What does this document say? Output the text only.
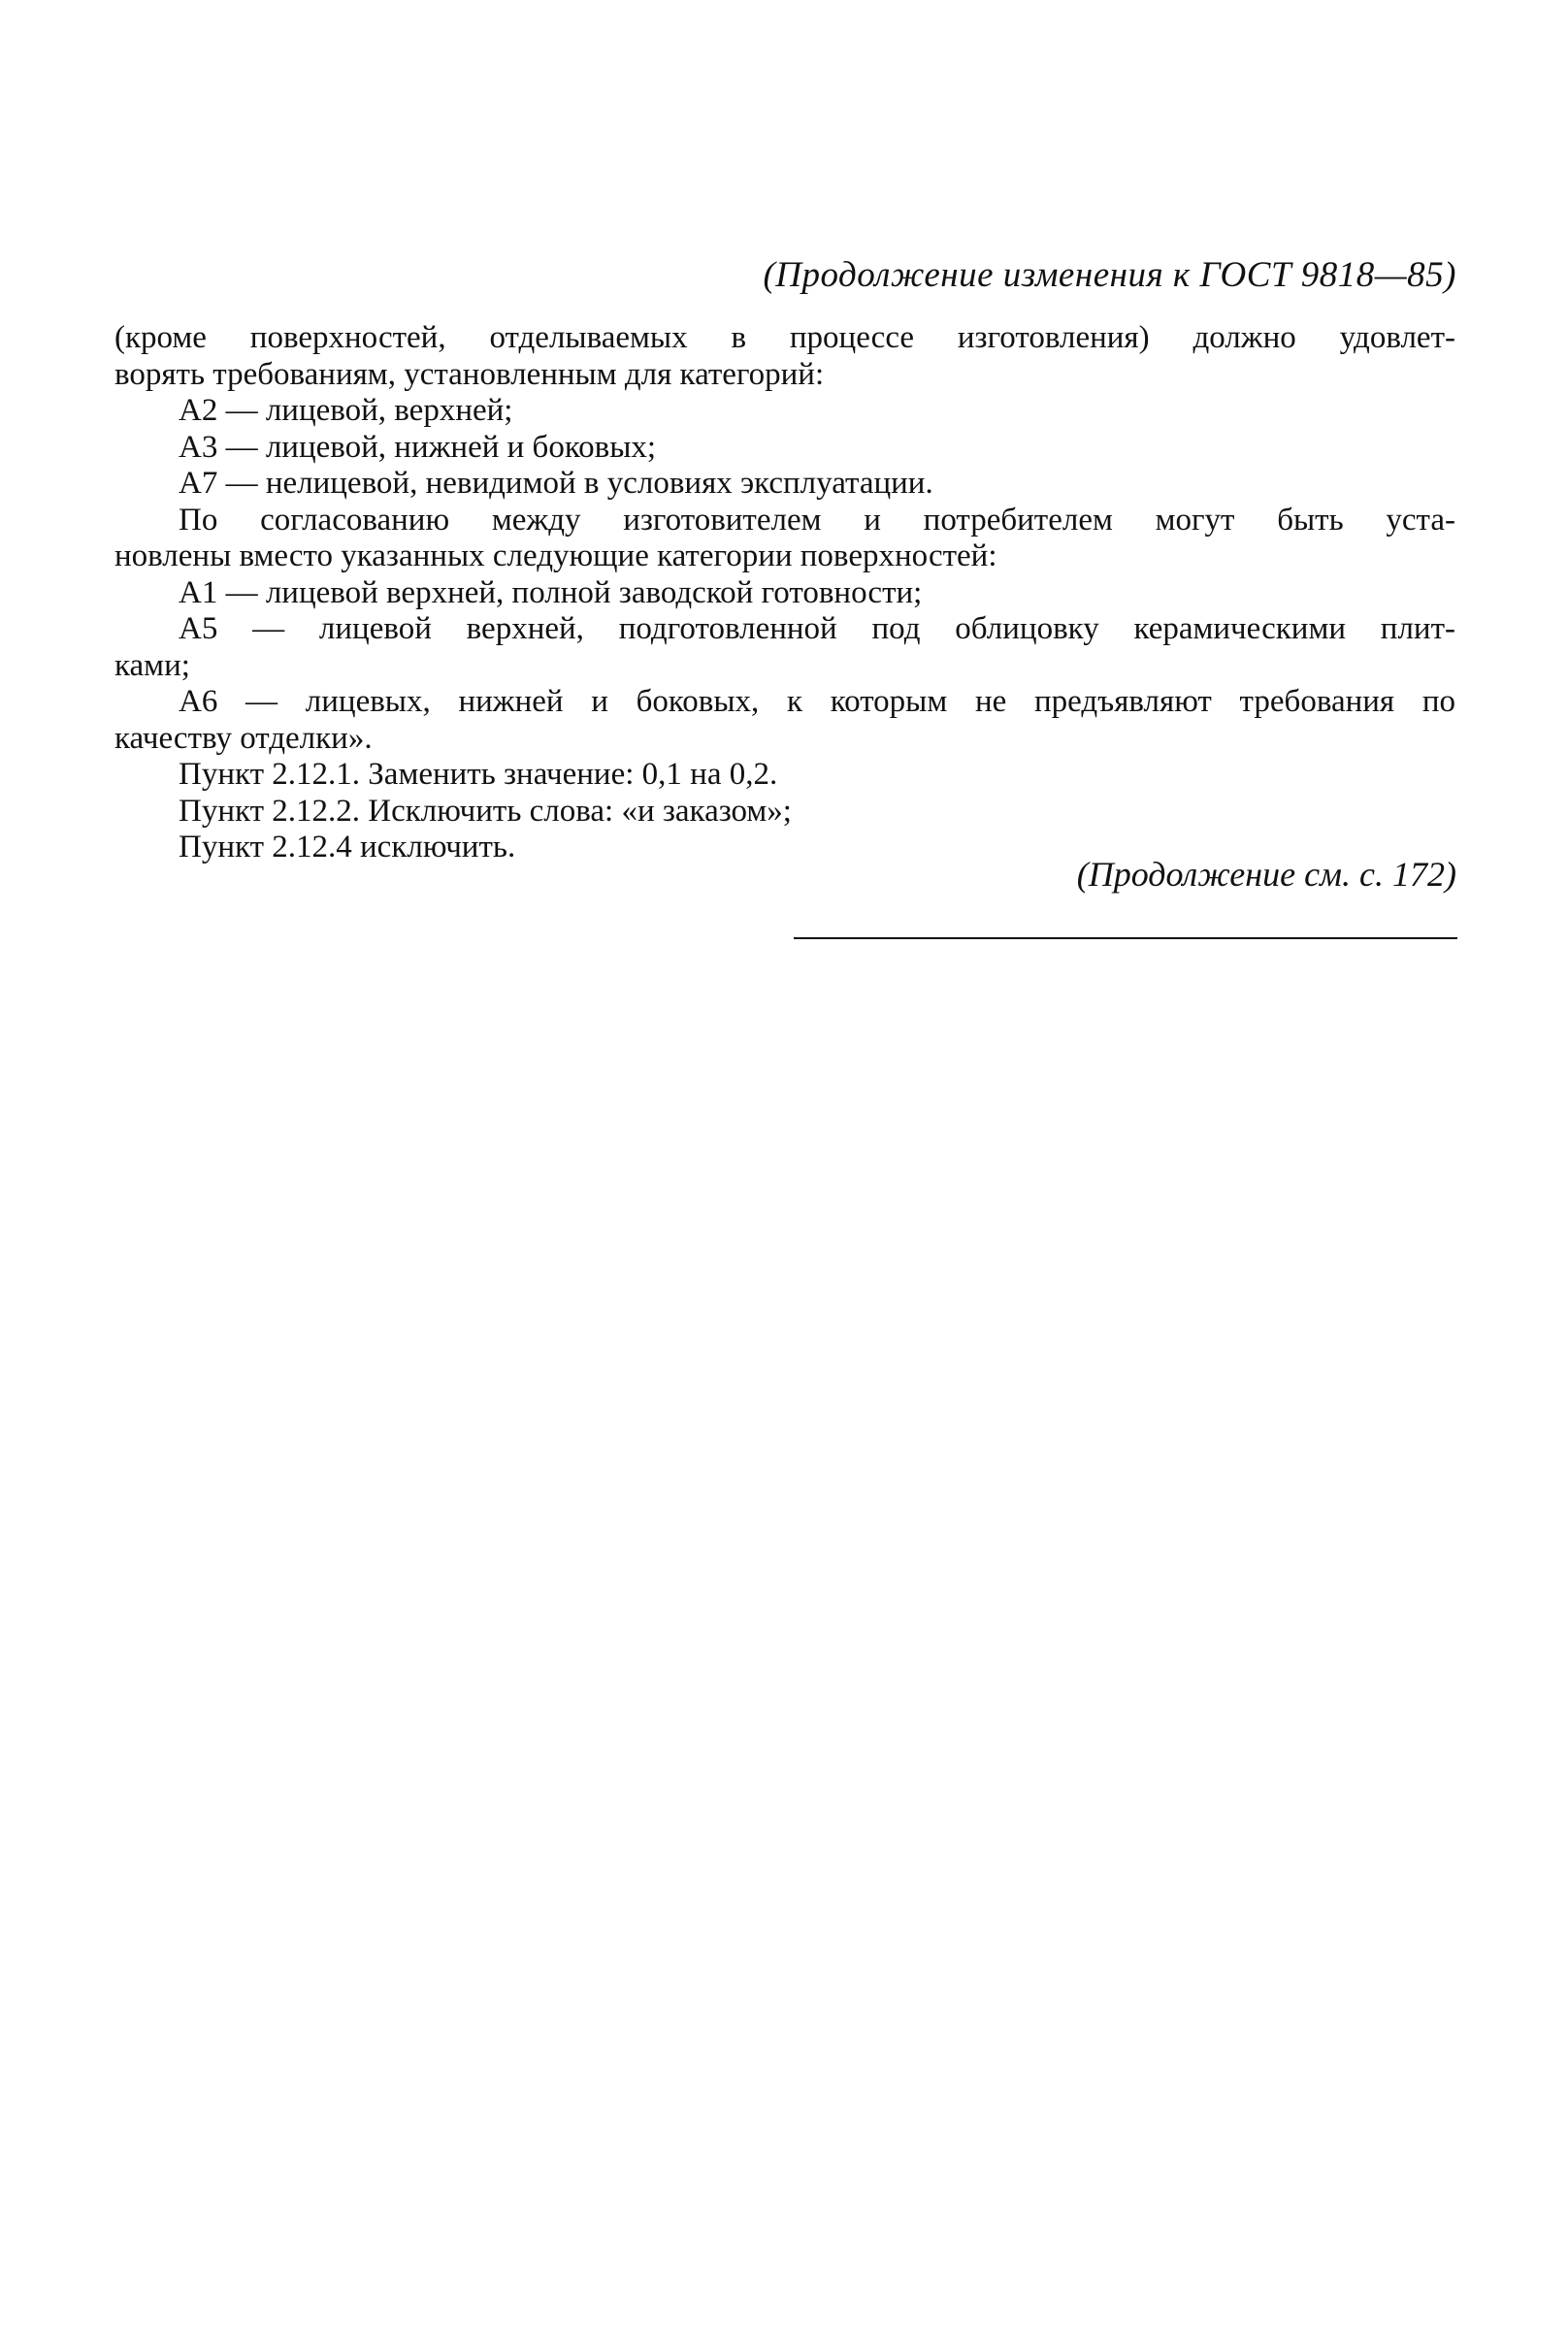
(Продолжение изменения к ГОСТ 9818—85)
(кроме поверхностей, отделываемых в процессе изготовления) должно удовлет-
ворять требованиям, установленным для категорий:
А2 — лицевой, верхней;
А3 — лицевой, нижней и боковых;
А7 — нелицевой, невидимой в условиях эксплуатации.
По согласованию между изготовителем и потребителем могут быть уста-
новлены вместо указанных следующие категории поверхностей:
А1 — лицевой верхней, полной заводской готовности;
А5 — лицевой верхней, подготовленной под облицовку керамическими плит-
ками;
А6 — лицевых, нижней и боковых, к которым не предъявляют требования по
качеству отделки».
Пункт 2.12.1. Заменить значение: 0,1 на 0,2.
Пункт 2.12.2. Исключить слова: «и заказом»;
Пункт 2.12.4 исключить.
(Продолжение см. с. 172)
